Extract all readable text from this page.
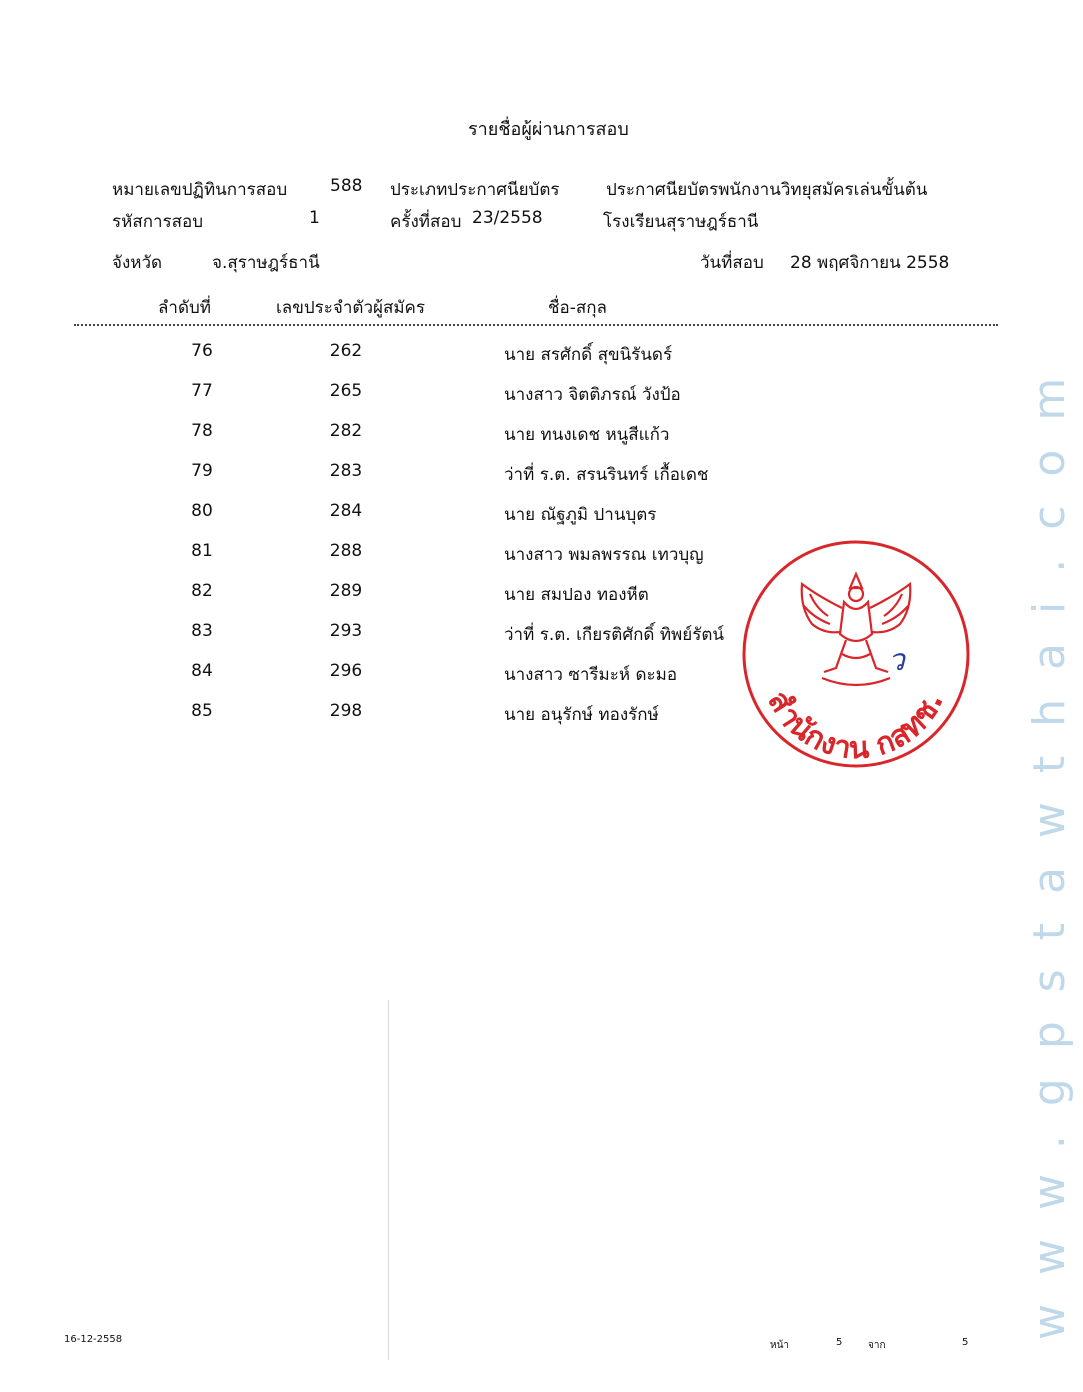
รายชื่อผู้ผ่านการสอบ
หมายเลขปฏิทินการสอบ	588 ประเภทประกาศนียบัตร	ประกาศนียบัตรพนักงานวิทยุสมัครเล่นขั้นต้น
รหัสการสอบ	1	ครั้งที่สอบ 23/2558	โรงเรียนสุราษฎร์ธานี
จังหวัด	จ.สุราษฎร์ธานี	วันที่สอบ 28 พฤศจิกายน 2558
ลำดับที่	เลขประจำตัวผู้สมัคร	ชื่อ-สกุล
76	262	นาย สรศักดิ์ สุขนิรันดร์
77	265	นางสาว จิตติภรณ์ วังป้อ
78	282	นาย ทนงเดช หนูสีแก้ว
79	283	ว่าที่ ร.ต. สรนรินทร์ เกื้อเดช
80	284	นาย ณัฐภูมิ ปานบุตร
81	288	นางสาว พมลพรรณ เทวบุญ
82	289	นาย สมปอง ทองหีต
83	293	ว่าที่ ร.ต. เกียรติศักดิ์ ทิพย์รัตน์
84	296	นางสาว ซารีมะห์ ดะมอ
85	298	นาย อนุรักษ์ ทองรักษ์	สำนักงาน กสทช.
ว
16-12-2558
หน้า	5	จาก	5
www.gpstawthai.com
